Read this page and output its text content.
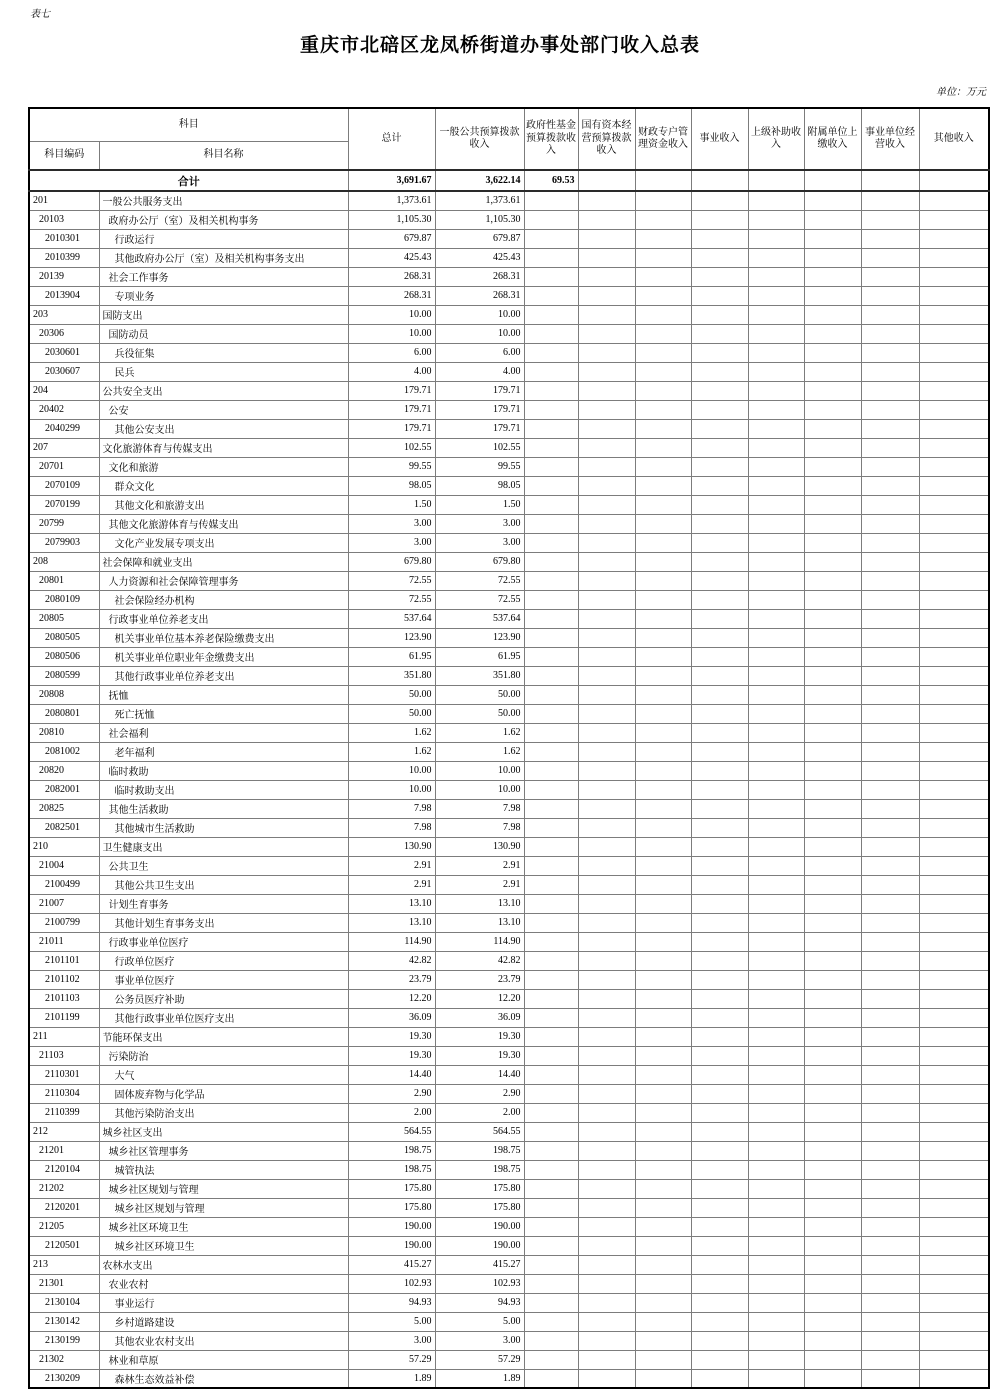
表七
重庆市北碚区龙凤桥街道办事处部门收入总表
单位：万元
科目		总计	一般公共预算拨款收入	政府性基金预算拨款收入	国有资本经营预算拨款收入	财政专户管理资金收入	事业收入	上级补助收入	附属单位上缴收入	事业单位经营收入	其他收入
科目编码	科目名称										
合计		3,691.67	3,622.14	69.53							
201	一般公共服务支出	1,373.61	1,373.61								
20103	政府办公厅（室）及相关机构事务	1,105.30	1,105.30								
2010301	行政运行	679.87	679.87								
2010399	其他政府办公厅（室）及相关机构事务支出	425.43	425.43								
20139	社会工作事务	268.31	268.31								
2013904	专项业务	268.31	268.31								
203	国防支出	10.00	10.00								
20306	国防动员	10.00	10.00								
2030601	兵役征集	6.00	6.00								
2030607	民兵	4.00	4.00								
204	公共安全支出	179.71	179.71								
20402	公安	179.71	179.71								
2040299	其他公安支出	179.71	179.71								
207	文化旅游体育与传媒支出	102.55	102.55								
20701	文化和旅游	99.55	99.55								
2070109	群众文化	98.05	98.05								
2070199	其他文化和旅游支出	1.50	1.50								
20799	其他文化旅游体育与传媒支出	3.00	3.00								
2079903	文化产业发展专项支出	3.00	3.00								
208	社会保障和就业支出	679.80	679.80								
20801	人力资源和社会保障管理事务	72.55	72.55								
2080109	社会保险经办机构	72.55	72.55								
20805	行政事业单位养老支出	537.64	537.64								
2080505	机关事业单位基本养老保险缴费支出	123.90	123.90								
2080506	机关事业单位职业年金缴费支出	61.95	61.95								
2080599	其他行政事业单位养老支出	351.80	351.80								
20808	抚恤	50.00	50.00								
2080801	死亡抚恤	50.00	50.00								
20810	社会福利	1.62	1.62								
2081002	老年福利	1.62	1.62								
20820	临时救助	10.00	10.00								
2082001	临时救助支出	10.00	10.00								
20825	其他生活救助	7.98	7.98								
2082501	其他城市生活救助	7.98	7.98								
210	卫生健康支出	130.90	130.90								
21004	公共卫生	2.91	2.91								
2100499	其他公共卫生支出	2.91	2.91								
21007	计划生育事务	13.10	13.10								
2100799	其他计划生育事务支出	13.10	13.10								
21011	行政事业单位医疗	114.90	114.90								
2101101	行政单位医疗	42.82	42.82								
2101102	事业单位医疗	23.79	23.79								
2101103	公务员医疗补助	12.20	12.20								
2101199	其他行政事业单位医疗支出	36.09	36.09								
211	节能环保支出	19.30	19.30								
21103	污染防治	19.30	19.30								
2110301	大气	14.40	14.40								
2110304	固体废弃物与化学品	2.90	2.90								
2110399	其他污染防治支出	2.00	2.00								
212	城乡社区支出	564.55	564.55								
21201	城乡社区管理事务	198.75	198.75								
2120104	城管执法	198.75	198.75								
21202	城乡社区规划与管理	175.80	175.80								
2120201	城乡社区规划与管理	175.80	175.80								
21205	城乡社区环境卫生	190.00	190.00								
2120501	城乡社区环境卫生	190.00	190.00								
213	农林水支出	415.27	415.27								
21301	农业农村	102.93	102.93								
2130104	事业运行	94.93	94.93								
2130142	乡村道路建设	5.00	5.00								
2130199	其他农业农村支出	3.00	3.00								
21302	林业和草原	57.29	57.29								
2130209	森林生态效益补偿	1.89	1.89								
